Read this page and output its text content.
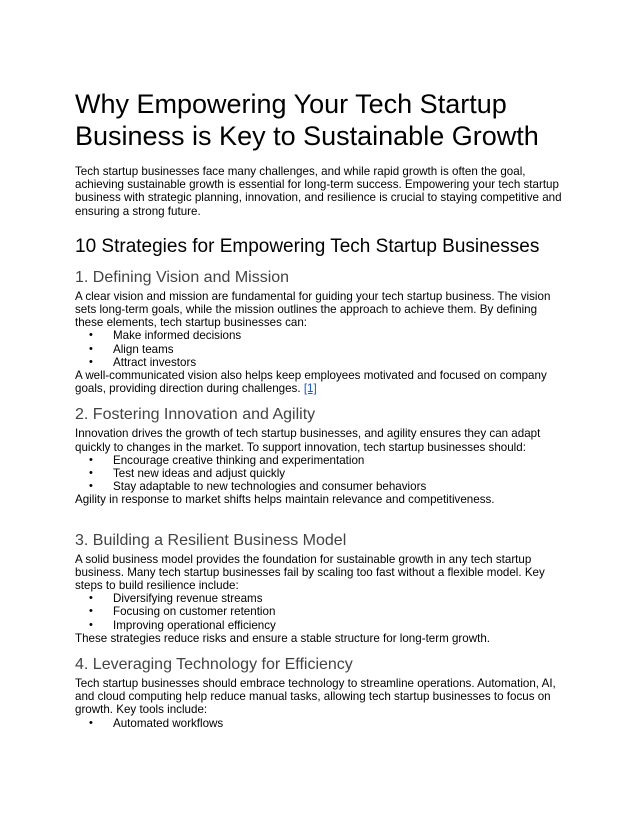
Why Empowering Your Tech Startup Business is Key to Sustainable Growth

Tech startup businesses face many challenges, and while rapid growth is often the goal, achieving sustainable growth is essential for long-term success. Empowering your tech startup business with strategic planning, innovation, and resilience is crucial to staying competitive and ensuring a strong future.

10 Strategies for Empowering Tech Startup Businesses
1. Defining Vision and Mission

A clear vision and mission are fundamental for guiding your tech startup business. The vision sets long-term goals, while the mission outlines the approach to achieve them. By defining these elements, tech startup businesses can:

• Make informed decisions
• Align teams
• Attract investors

A well-communicated vision also helps keep employees motivated and focused on company goals, providing direction during challenges. [1]

2. Fostering Innovation and Agility

Innovation drives the growth of tech startup businesses, and agility ensures they can adapt quickly to changes in the market. To support innovation, tech startup businesses should:

• Encourage creative thinking and experimentation
• Test new ideas and adjust quickly
• Stay adaptable to new technologies and consumer behaviors

Agility in response to market shifts helps maintain relevance and competitiveness.

3. Building a Resilient Business Model

A solid business model provides the foundation for sustainable growth in any tech startup business. Many tech startup businesses fail by scaling too fast without a flexible model. Key steps to build resilience include:

• Diversifying revenue streams
• Focusing on customer retention
• Improving operational efficiency

These strategies reduce risks and ensure a stable structure for long-term growth.

4. Leveraging Technology for Efficiency

Tech startup businesses should embrace technology to streamline operations. Automation, AI, and cloud computing help reduce manual tasks, allowing tech startup businesses to focus on growth. Key tools include:

• Automated workflows
